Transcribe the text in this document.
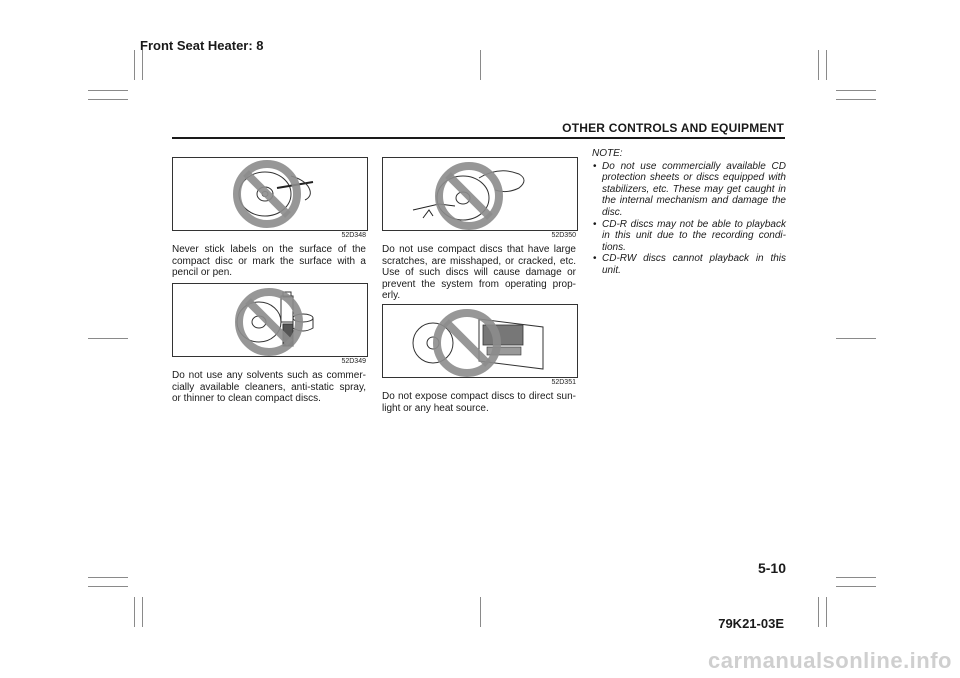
Front Seat Heater: 8
OTHER CONTROLS AND EQUIPMENT
52D348
Never stick labels on the surface of the compact disc or mark the surface with a pencil or pen.
52D349
Do not use any solvents such as commer-cially available cleaners, anti-static spray, or thinner to clean compact discs.
52D350
Do not use compact discs that have large scratches, are misshaped, or cracked, etc. Use of such discs will cause damage or prevent the system from operating prop-erly.
52D351
Do not expose compact discs to direct sun-light or any heat source.
NOTE:
• Do not use commercially available CD protection sheets or discs equipped with stabilizers, etc. These may get caught in the internal mechanism and damage the disc.
• CD-R discs may not be able to playback in this unit due to the recording condi-tions.
• CD-RW discs cannot playback in this unit.
5-10
79K21-03E
carmanualsonline.info
